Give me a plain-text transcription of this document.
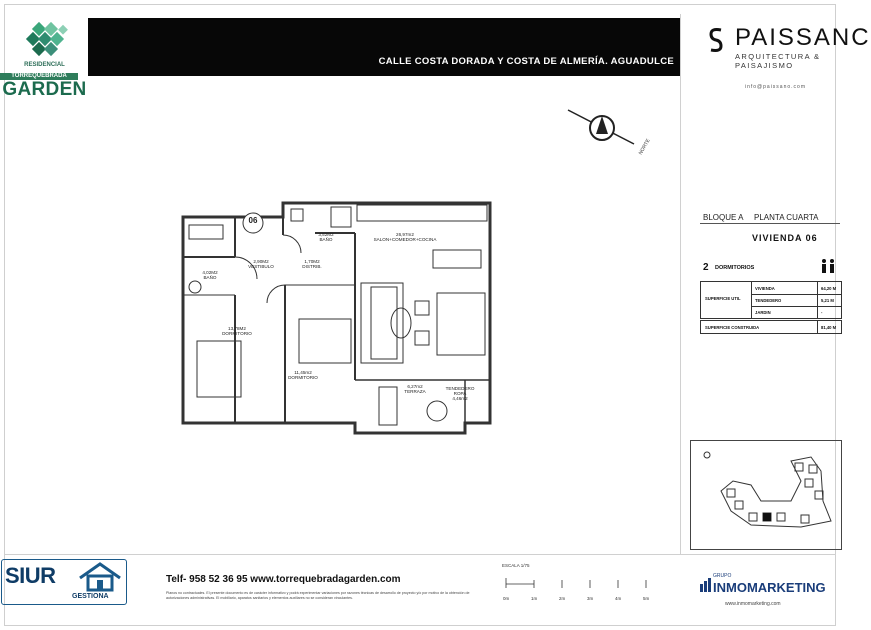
RESIDENCIAL
TORREQUEBRADA
GARDEN
CALLE COSTA DORADA Y COSTA DE ALMERÍA. AGUADULCE
PAISSANC
ARQUITECTURA & PAISAJISMO
info@paissano.com
NORTE
06
3,52M2
BAÑO
26,97m2
SALON+COMEDOR+COCINA
2,90M2
VESTIBULO
1,70M2
DISTRIB.
4,02M2
BAÑO
13,78M2
DORMITORIO
11,45m2
DORMITORIO
6,27m2
TERRAZA
TENDEDERO
ROPA
4,46m2
BLOQUE A PLANTA CUARTA
VIVIENDA 06
2 DORMITORIOS
SUPERFICIE UTIL
VIVIENDA	64,20 M
TENDEDERO	5,21 M
JARDIN	-
SUPERFICIE CONSTRUIDA	81,40 M
SIUR
GESTIONA
Telf- 958 52 36 95 www.torrequebradagarden.com
Planos no contractuales. El presente documento es de carácter informativo y podrá experimentar variaciones por razones técnicas de desarrollo de proyecto y/o por motivo de la obtención de autorizaciones administrativas. El mobiliario, aparatos sanitarios y elementos auxiliares no se consideran vinculantes.
ESCALA 1/75
0m	1m	2m	3m	4m	5m
GRUPO
INMOMARKETING
www.inmomarketing.com
